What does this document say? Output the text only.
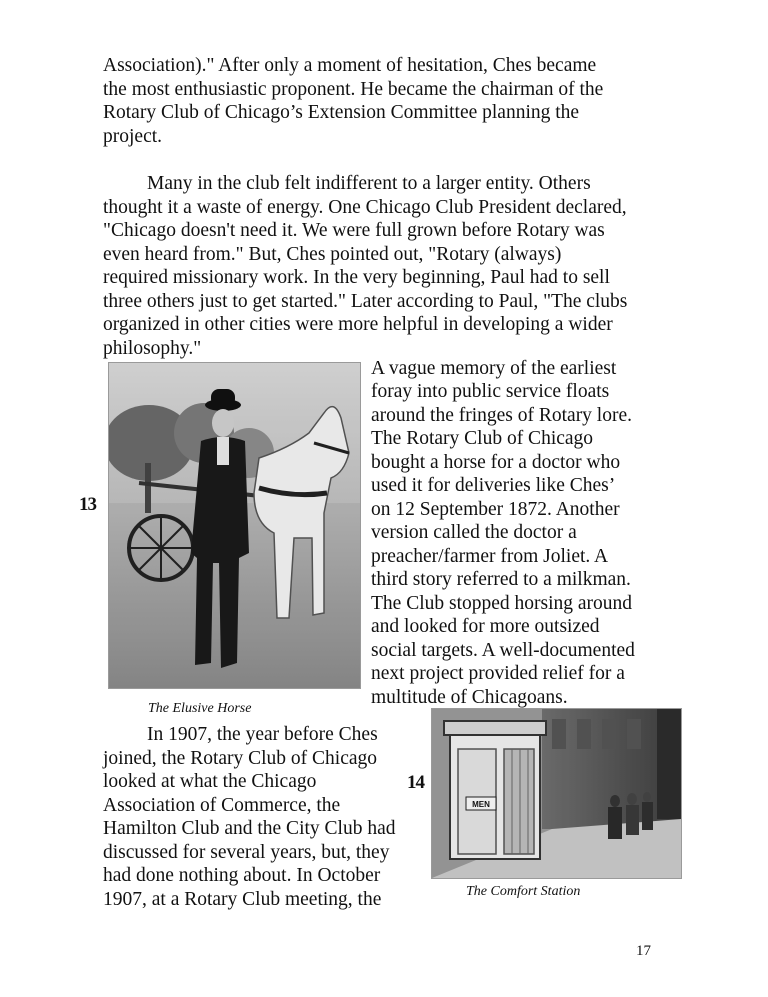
Association)." After only a moment of hesitation, Ches became
the most enthusiastic proponent. He became the chairman of the
Rotary Club of Chicago’s Extension Committee planning the
project.
Many in the club felt indifferent to a larger entity. Others
thought it a waste of energy. One Chicago Club President declared,
"Chicago doesn't need it. We were full grown before Rotary was
even heard from." But, Ches pointed out, "Rotary (always)
required missionary work. In the very beginning, Paul had to sell
three others just to get started." Later according to Paul, "The clubs
organized in other cities were more helpful in developing a wider
philosophy."
13
The Elusive Horse
A vague memory of the earliest
foray into public service floats
around the fringes of Rotary lore.
The Rotary Club of Chicago
bought a horse for a doctor who
used it for deliveries like Ches’
on 12 September 1872. Another
version called the doctor a
preacher/farmer from Joliet. A
third story referred to a milkman.
The Club stopped horsing around
and looked for more outsized
social targets. A well-documented
next project provided relief for a
multitude of Chicagoans.
In 1907, the year before Ches
joined, the Rotary Club of Chicago
looked at what the Chicago
Association of Commerce, the
Hamilton Club and the City Club had
discussed for several years, but, they
had done nothing about. In October
1907, at a Rotary Club meeting, the
14
MEN
The Comfort Station
17
